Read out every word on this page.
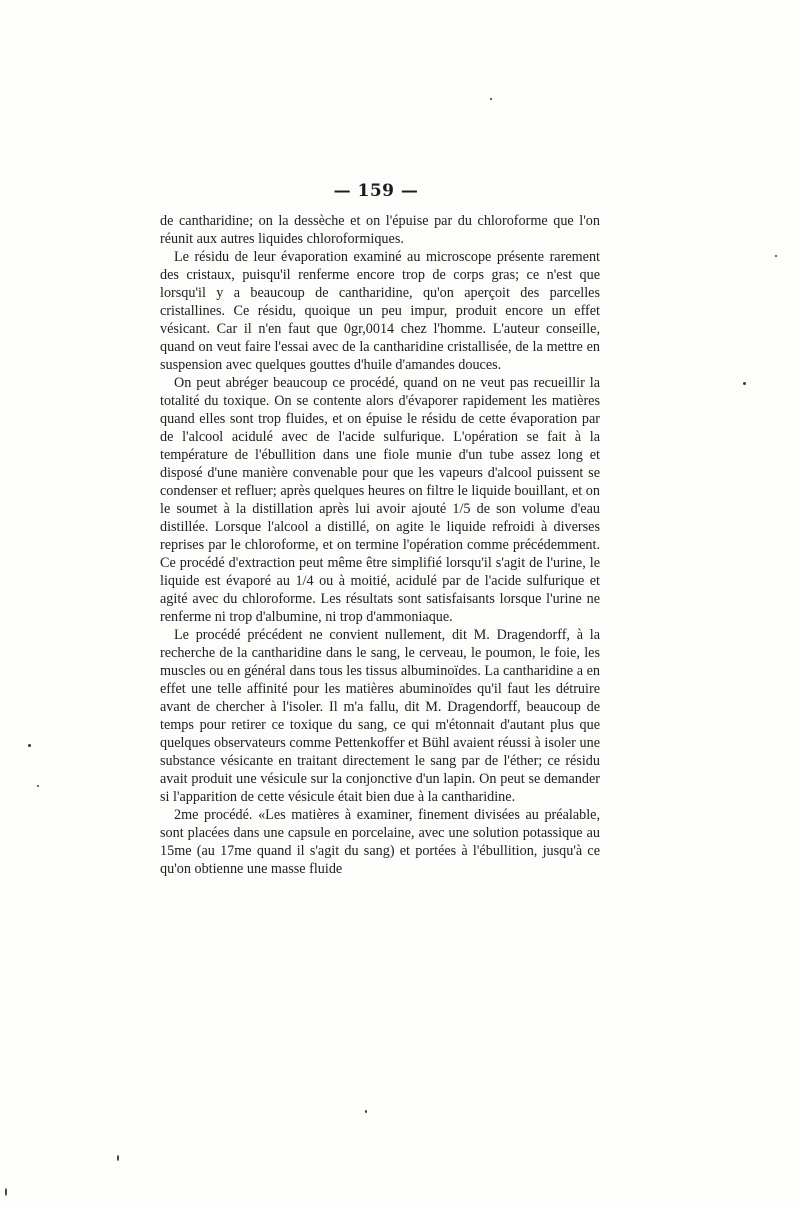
— 159 —

de cantharidine; on la dessèche et on l'épuise par du chloroforme que l'on réunit aux autres liquides chloroformiques.

Le résidu de leur évaporation examiné au microscope présente rarement des cristaux, puisqu'il renferme encore trop de corps gras; ce n'est que lorsqu'il y a beaucoup de cantharidine, qu'on aperçoit des parcelles cristallines. Ce résidu, quoique un peu impur, produit encore un effet vésicant. Car il n'en faut que 0gr,0014 chez l'homme. L'auteur conseille, quand on veut faire l'essai avec de la cantharidine cristallisée, de la mettre en suspension avec quelques gouttes d'huile d'amandes douces.

On peut abréger beaucoup ce procédé, quand on ne veut pas recueillir la totalité du toxique. On se contente alors d'évaporer rapidement les matières quand elles sont trop fluides, et on épuise le résidu de cette évaporation par de l'alcool acidulé avec de l'acide sulfurique. L'opération se fait à la température de l'ébullition dans une fiole munie d'un tube assez long et disposé d'une manière convenable pour que les vapeurs d'alcool puissent se condenser et refluer; après quelques heures on filtre le liquide bouillant, et on le soumet à la distillation après lui avoir ajouté 1/5 de son volume d'eau distillée. Lorsque l'alcool a distillé, on agite le liquide refroidi à diverses reprises par le chloroforme, et on termine l'opération comme précédemment. Ce procédé d'extraction peut même être simplifié lorsqu'il s'agit de l'urine, le liquide est évaporé au 1/4 ou à moitié, acidulé par de l'acide sulfurique et agité avec du chloroforme. Les résultats sont satisfaisants lorsque l'urine ne renferme ni trop d'albumine, ni trop d'ammoniaque.

Le procédé précédent ne convient nullement, dit M. Dragendorff, à la recherche de la cantharidine dans le sang, le cerveau, le poumon, le foie, les muscles ou en général dans tous les tissus albuminoïdes. La cantharidine a en effet une telle affinité pour les matières abuminoïdes qu'il faut les détruire avant de chercher à l'isoler. Il m'a fallu, dit M. Dragendorff, beaucoup de temps pour retirer ce toxique du sang, ce qui m'étonnait d'autant plus que quelques observateurs comme Pettenkoffer et Bühl avaient réussi à isoler une substance vésicante en traitant directement le sang par de l'éther; ce résidu avait produit une vésicule sur la conjonctive d'un lapin. On peut se demander si l'apparition de cette vésicule était bien due à la cantharidine.

2me procédé. «Les matières à examiner, finement divisées au préalable, sont placées dans une capsule en porcelaine, avec une solution potassique au 15me (au 17me quand il s'agit du sang) et portées à l'ébullition, jusqu'à ce qu'on obtienne une masse fluide
